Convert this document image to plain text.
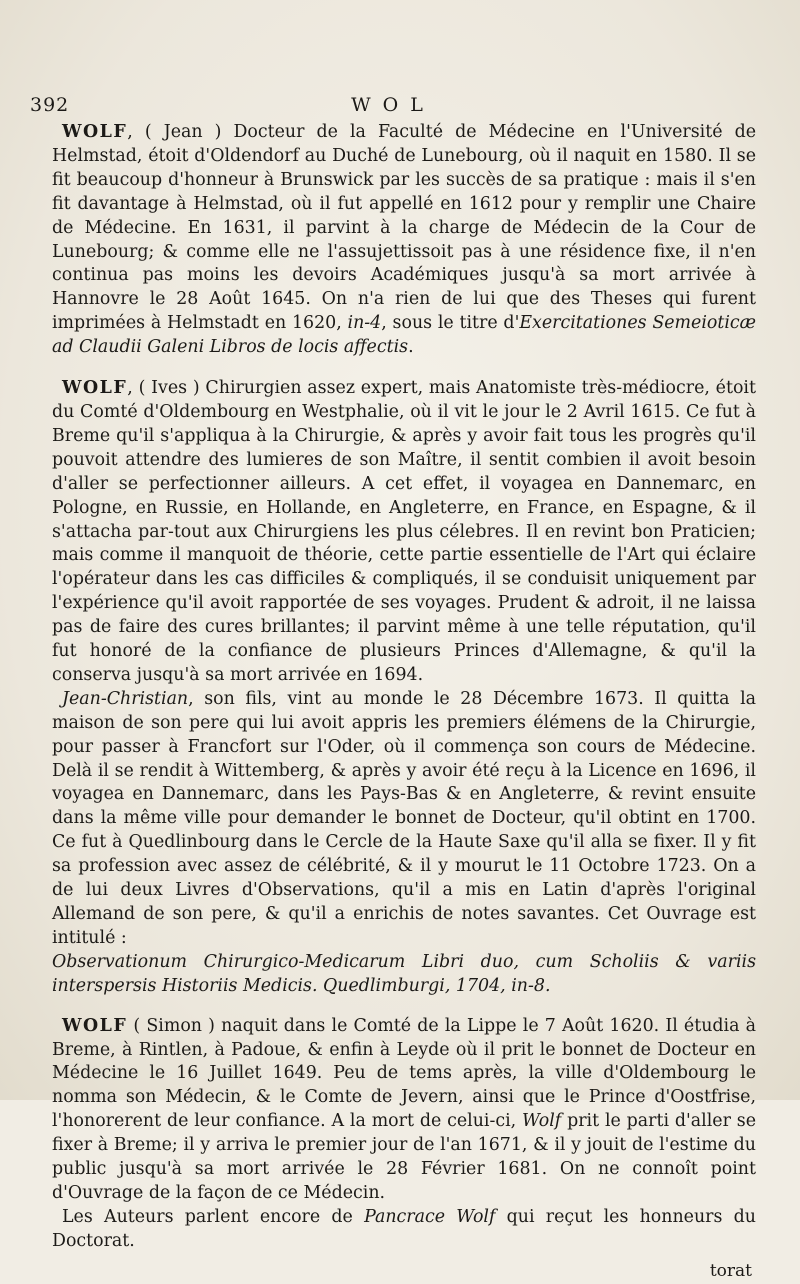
392	WOL

WOLF, ( Jean ) Docteur de la Faculté de Médecine en l'Université de Helmstad, étoit d'Oldendorf au Duché de Lunebourg, où il naquit en 1580. Il se fit beaucoup d'honneur à Brunswick par les succès de sa pratique : mais il s'en fit davantage à Helmstad, où il fut appellé en 1612 pour y remplir une Chaire de Médecine. En 1631, il parvint à la charge de Médecin de la Cour de Lunebourg; & comme elle ne l'assujettissoit pas à une résidence fixe, il n'en continua pas moins les devoirs Académiques jusqu'à sa mort arrivée à Hannovre le 28 Août 1645. On n'a rien de lui que des Theses qui furent imprimées à Helmstadt en 1620, in-4, sous le titre d'Exercitationes Semeioticæ ad Claudii Galeni Libros de locis affectis.

WOLF, ( Ives ) Chirurgien assez expert, mais Anatomiste très-médiocre, étoit du Comté d'Oldembourg en Westphalie, où il vit le jour le 2 Avril 1615. Ce fut à Breme qu'il s'appliqua à la Chirurgie, & après y avoir fait tous les progrès qu'il pouvoit attendre des lumieres de son Maître, il sentit combien il avoit besoin d'aller se perfectionner ailleurs. A cet effet, il voyagea en Dannemarc, en Pologne, en Russie, en Hollande, en Angleterre, en France, en Espagne, & il s'attacha par-tout aux Chirurgiens les plus célebres. Il en revint bon Praticien; mais comme il manquoit de théorie, cette partie essentielle de l'Art qui éclaire l'opérateur dans les cas difficiles & compliqués, il se conduisit uniquement par l'expérience qu'il avoit rapportée de ses voyages. Prudent & adroit, il ne laissa pas de faire des cures brillantes; il parvint même à une telle réputation, qu'il fut honoré de la confiance de plusieurs Princes d'Allemagne, & qu'il la conserva jusqu'à sa mort arrivée en 1694.

Jean-Christian, son fils, vint au monde le 28 Décembre 1673. Il quitta la maison de son pere qui lui avoit appris les premiers élémens de la Chirurgie, pour passer à Francfort sur l'Oder, où il commença son cours de Médecine. Delà il se rendit à Wittemberg, & après y avoir été reçu à la Licence en 1696, il voyagea en Dannemarc, dans les Pays-Bas & en Angleterre, & revint ensuite dans la même ville pour demander le bonnet de Docteur, qu'il obtint en 1700. Ce fut à Quedlinbourg dans le Cercle de la Haute Saxe qu'il alla se fixer. Il y fit sa profession avec assez de célébrité, & il y mourut le 11 Octobre 1723. On a de lui deux Livres d'Observations, qu'il a mis en Latin d'après l'original Allemand de son pere, & qu'il a enrichis de notes savantes. Cet Ouvrage est intitulé :

Observationum Chirurgico-Medicarum Libri duo, cum Scholiis & variis interspersis Historiis Medicis. Quedlimburgi, 1704, in-8.

WOLF ( Simon ) naquit dans le Comté de la Lippe le 7 Août 1620. Il étudia à Breme, à Rintlen, à Padoue, & enfin à Leyde où il prit le bonnet de Docteur en Médecine le 16 Juillet 1649. Peu de tems après, la ville d'Oldembourg le nomma son Médecin, & le Comte de Jevern, ainsi que le Prince d'Oostfrise, l'honorerent de leur confiance. A la mort de celui-ci, Wolf prit le parti d'aller se fixer à Breme; il y arriva le premier jour de l'an 1671, & il y jouit de l'estime du public jusqu'à sa mort arrivée le 28 Février 1681. On ne connoît point d'Ouvrage de la façon de ce Médecin.

Les Auteurs parlent encore de Pancrace Wolf qui reçut les honneurs du Doctorat.

torat
